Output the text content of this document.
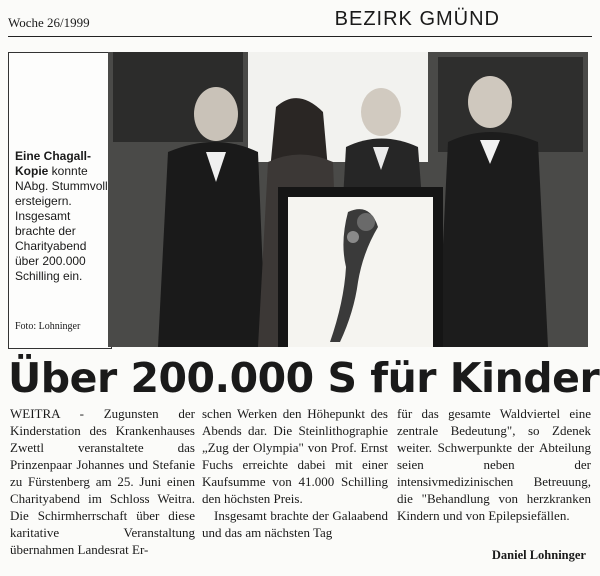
Woche 26/1999	BEZIRK GMÜND
Eine Chagall-Kopie konnte NAbg. Stummvoll ersteigern. Insgesamt brachte der Charityabend über 200.000 Schilling ein.
Foto: Lohninger
Über 200.000 S für Kinder
WEITRA - Zugunsten der Kinderstation des Krankenhauses Zwettl veranstaltete das Prinzenpaar Johannes und Stefanie zu Fürstenberg am 25. Juni einen Charityabend im Schloss Weitra. Die Schirmherrschaft über diese karitative Veranstaltung übernahmen Landesrat Er-
schen Werken den Höhepunkt des Abends dar. Die Steinlithographie „Zug der Olympia" von Prof. Ernst Fuchs erreichte dabei mit einer Kaufsumme von 41.000 Schilling den höchsten Preis.
Insgesamt brachte der Galaabend und das am nächsten Tag
für das gesamte Waldviertel eine zentrale Bedeutung", so Zdenek weiter. Schwerpunkte der Abteilung seien neben der intensivmedizinischen Betreuung, die "Behandlung von herzkranken Kindern und von Epilepsiefällen.
Daniel Lohninger
